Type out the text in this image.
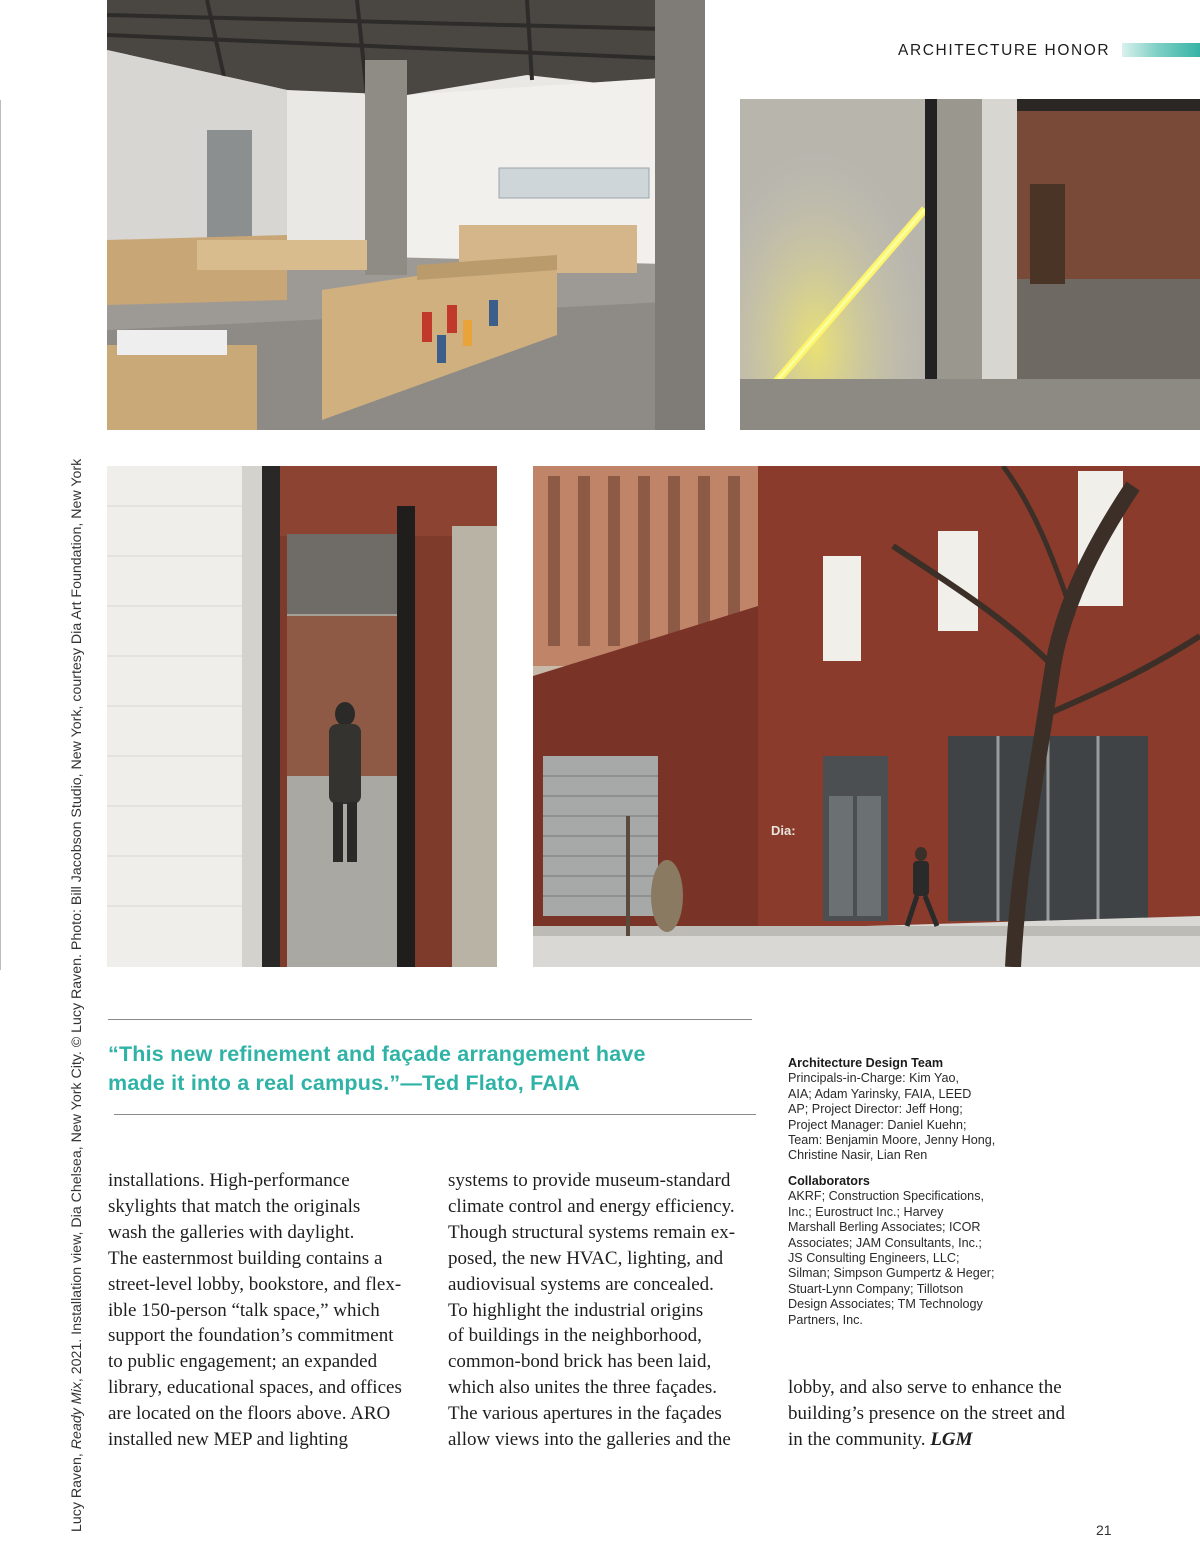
ARCHITECTURE HONOR
Lucy Raven, Ready Mix, 2021. Installation view, Dia Chelsea, New York City. © Lucy Raven. Photo: Bill Jacobson Studio, New York, courtesy Dia Art Foundation, New York	Dia:
“This new refinement and façade arrangement have
made it into a real campus.”—Ted Flato, FAIA

installations. High-performance

skylights that match the originals

wash the galleries with daylight.

The easternmost building contains a

street-level lobby, bookstore, and flex-

ible 150-person “talk space,” which

support the foundation’s commitment

to public engagement; an expanded

library, educational spaces, and offices

are located on the floors above. ARO

installed new MEP and lighting

systems to provide museum-standard

climate control and energy efficiency.

Though structural systems remain ex-

posed, the new HVAC, lighting, and

audiovisual systems are concealed.

To highlight the industrial origins

of buildings in the neighborhood,

common-bond brick has been laid,

which also unites the three façades.

The various apertures in the façades

allow views into the galleries and the

lobby, and also serve to enhance the

building’s presence on the street and

in the community. LGM

Architecture Design Team

Principals-in-Charge: Kim Yao,

AIA; Adam Yarinsky, FAIA, LEED

AP; Project Director: Jeff Hong;

Project Manager: Daniel Kuehn;

Team: Benjamin Moore, Jenny Hong,

Christine Nasir, Lian Ren

Collaborators

AKRF; Construction Specifications,

Inc.; Eurostruct Inc.; Harvey

Marshall Berling Associates; ICOR

Associates; JAM Consultants, Inc.;

JS Consulting Engineers, LLC;

Silman; Simpson Gumpertz & Heger;

Stuart-Lynn Company; Tillotson

Design Associates; TM Technology

Partners, Inc.

21
